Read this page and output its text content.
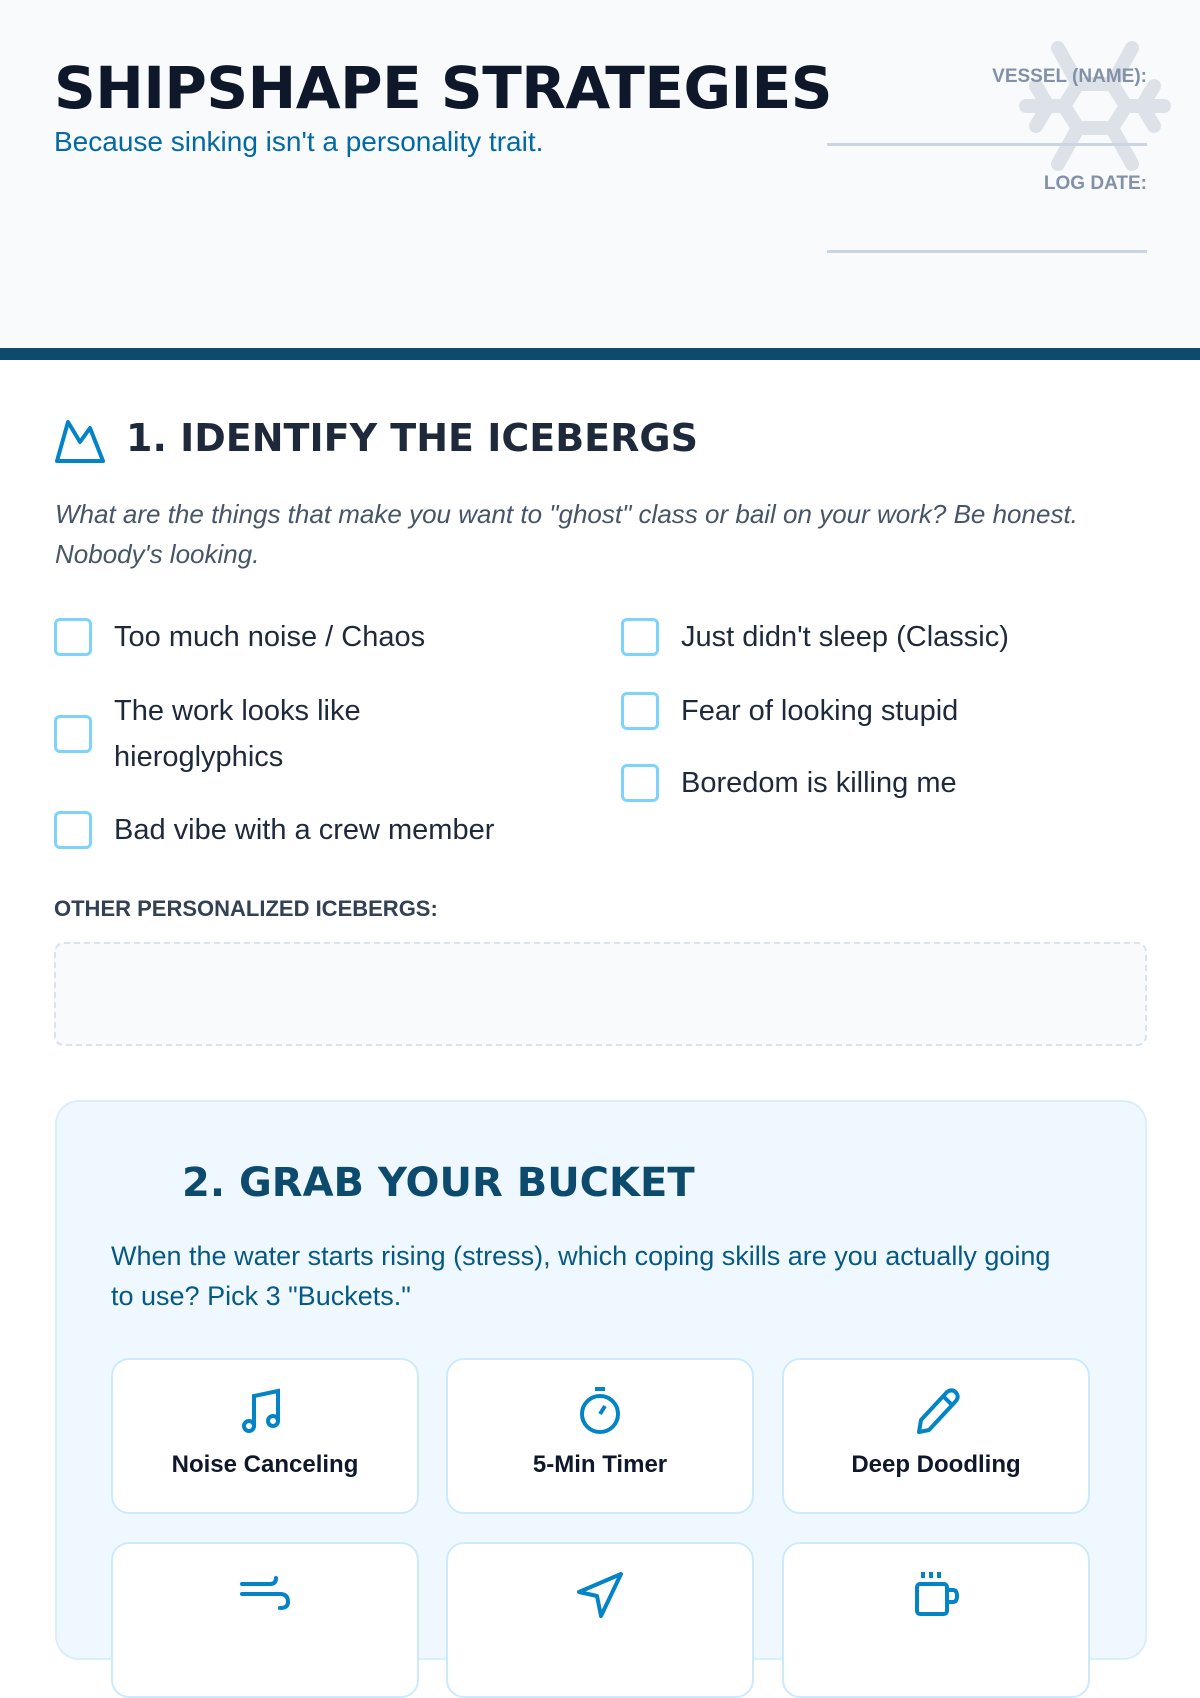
SHIPSHAPE STRATEGIES
Because sinking isn't a personality trait.
VESSEL (NAME):
LOG DATE:
1. IDENTIFY THE ICEBERGS
What are the things that make you want to "ghost" class or bail on your work? Be honest. Nobody's looking.
Too much noise / Chaos
The work looks like hieroglyphics
Bad vibe with a crew member
Just didn't sleep (Classic)
Fear of looking stupid
Boredom is killing me
OTHER PERSONALIZED ICEBERGS:
2. GRAB YOUR BUCKET
When the water starts rising (stress), which coping skills are you actually going to use? Pick 3 "Buckets."
Noise Canceling	5-Min Timer	Deep Doodling
